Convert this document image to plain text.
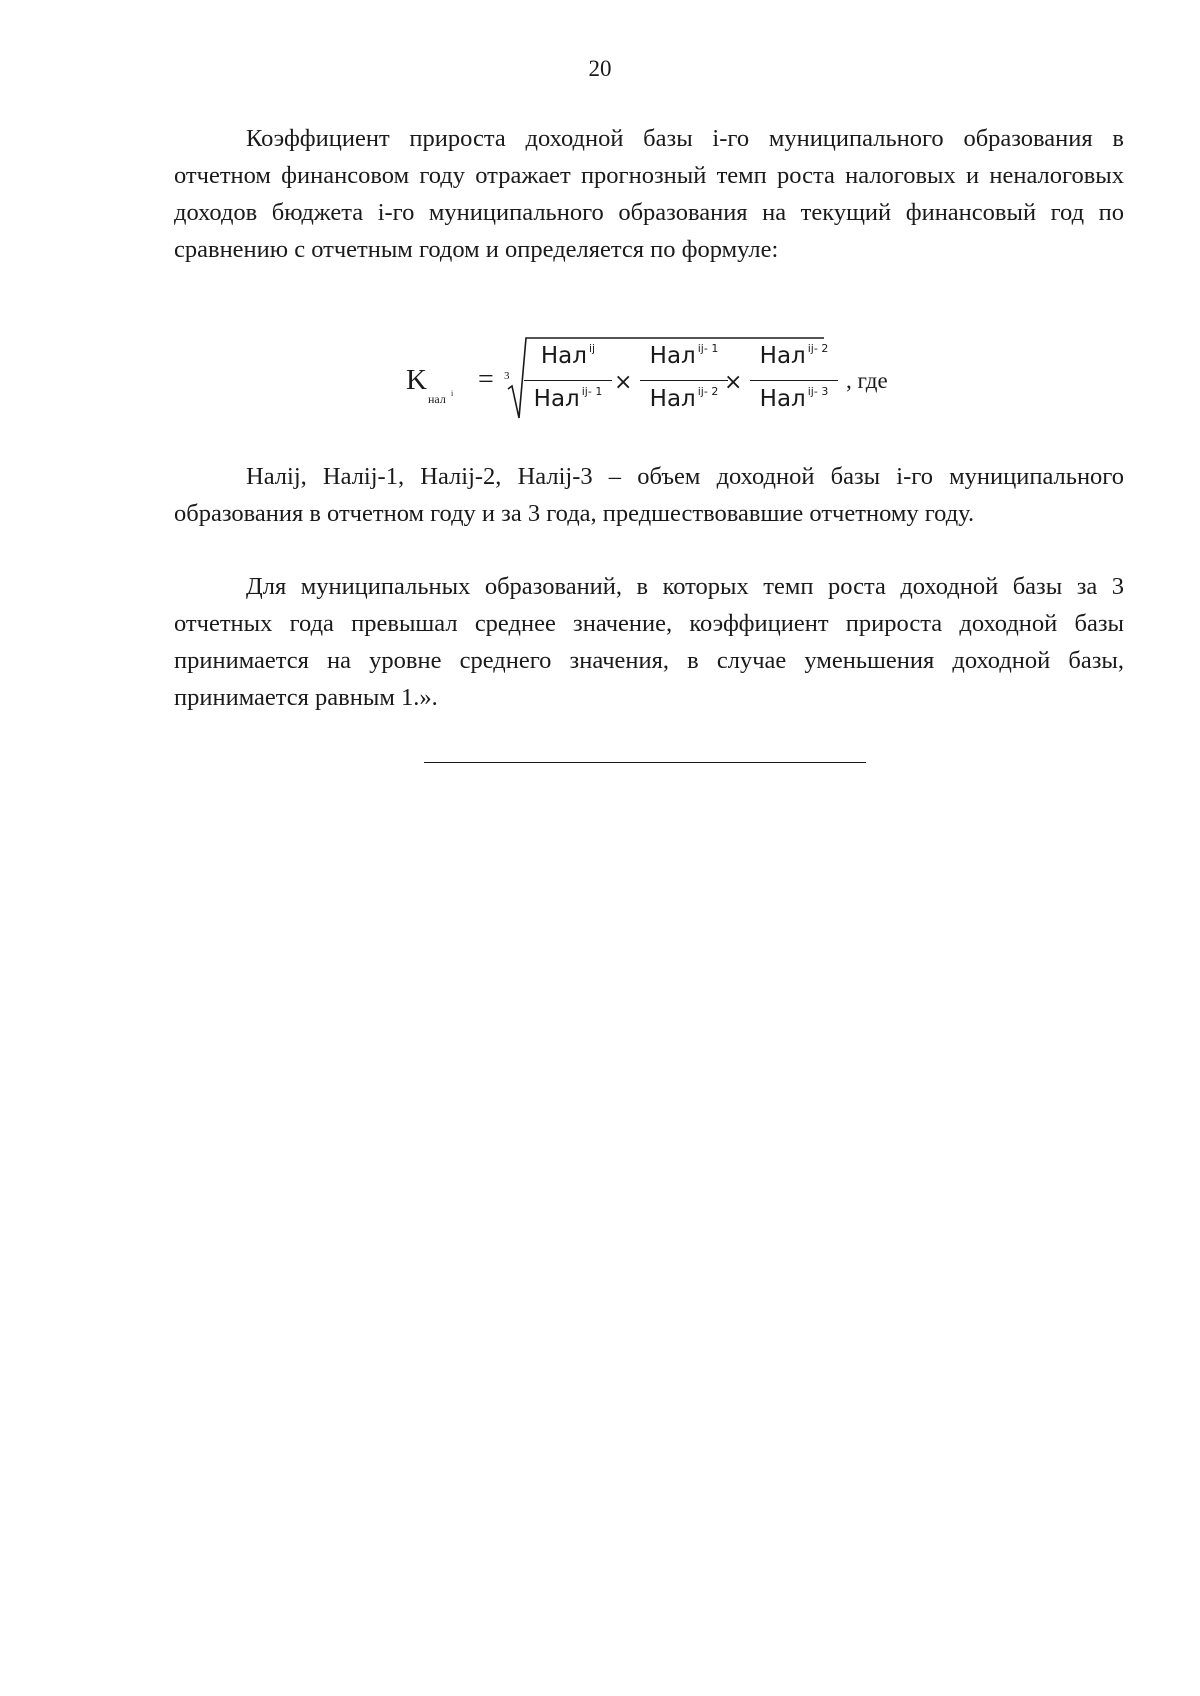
20

Коэффициент прироста доходной базы i-го муниципального образования в отчетном финансовом году отражает прогнозный темп роста налоговых и неналоговых доходов бюджета i-го муниципального образования на текущий финансовый год по сравнению с отчетным годом и определяется по формуле:

K
нал i = 3
Нал $^{ij}$
Нал $^{ij- 1}$ ×
Нал $^{ij- 1}$
Нал $^{ij- 2}$ ×
Нал $^{ij- 2}$
Нал $^{ij- 3}$ , где

Налij, Налij-1, Налij-2, Налij-3 – объем доходной базы i-го муниципального образования в отчетном году и за 3 года, предшествовавшие отчетному году.

Для муниципальных образований, в которых темп роста доходной базы за 3 отчетных года превышал среднее значение, коэффициент прироста доходной базы принимается на уровне среднего значения, в случае уменьшения доходной базы, принимается равным 1.».
